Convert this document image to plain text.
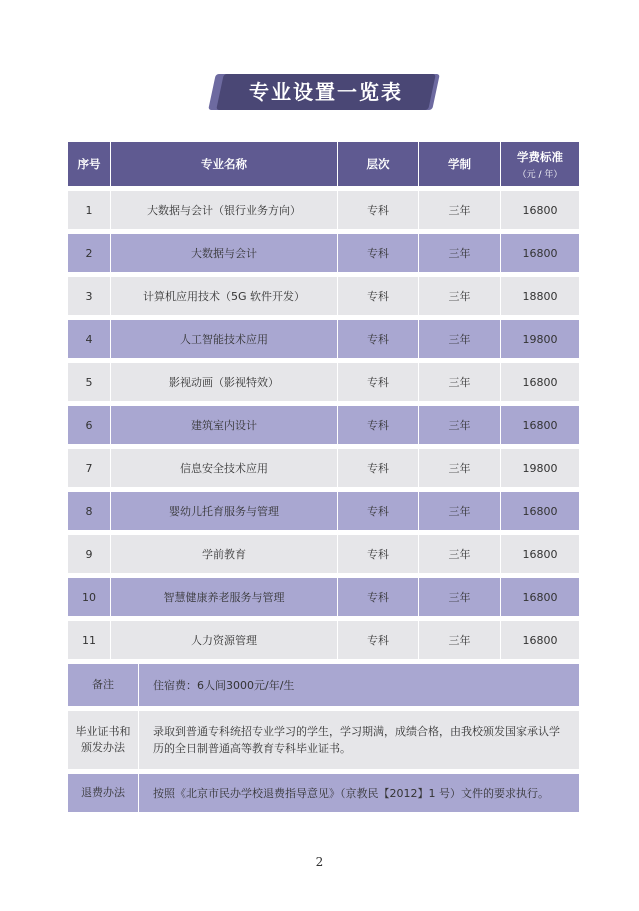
专业设置一览表
序号	专业名称	层次	学制	学费标准
（元 / 年）

1	大数据与会计（银行业务方向）	专科	三年	16800
2	大数据与会计	专科	三年	16800
3	计算机应用技术（5G 软件开发）	专科	三年	18800
4	人工智能技术应用	专科	三年	19800
5	影视动画（影视特效）	专科	三年	16800
6	建筑室内设计	专科	三年	16800
7	信息安全技术应用	专科	三年	19800
8	婴幼儿托育服务与管理	专科	三年	16800
9	学前教育	专科	三年	16800
10	智慧健康养老服务与管理	专科	三年	16800
11	人力资源管理	专科	三年	16800
备注	住宿费：6人间3000元/年/生
毕业证书和
颁发办法	录取到普通专科统招专业学习的学生，学习期满，成绩合格，由我校颁发国家承认学历的全日制普通高等教育专科毕业证书。
退费办法	按照《北京市民办学校退费指导意见》（京教民【2012】1 号）文件的要求执行。
2
